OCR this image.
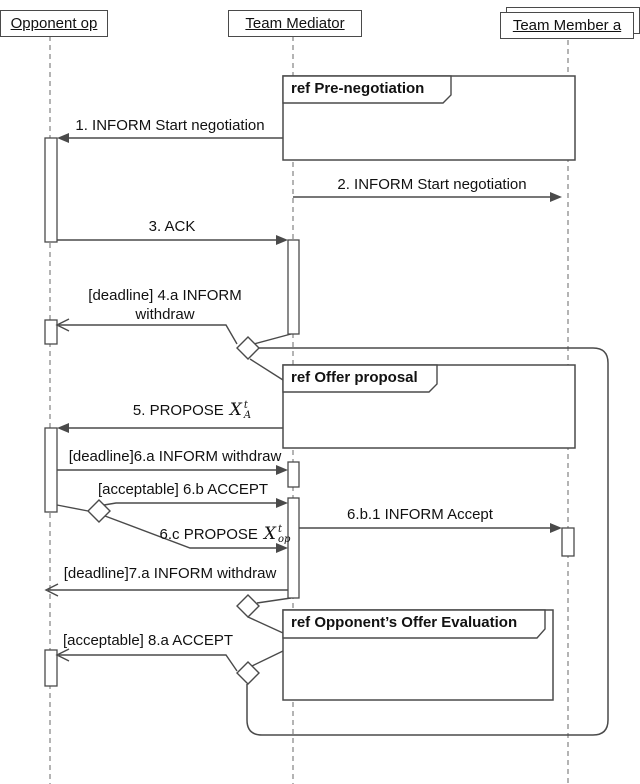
Opponent op	Team Mediator	Team Member a
ref Pre-negotiation
ref Offer proposal
ref Opponent’s Offer Evaluation
1. INFORM Start negotiation
2. INFORM Start negotiation
3. ACK
[deadline] 4.a INFORM
withdraw
5. PROPOSE X t
A
[deadline]6.a INFORM withdraw
[acceptable] 6.b ACCEPT
6.b.1 INFORM Accept
6.c PROPOSE X t
op
[deadline]7.a INFORM withdraw
[acceptable] 8.a ACCEPT
